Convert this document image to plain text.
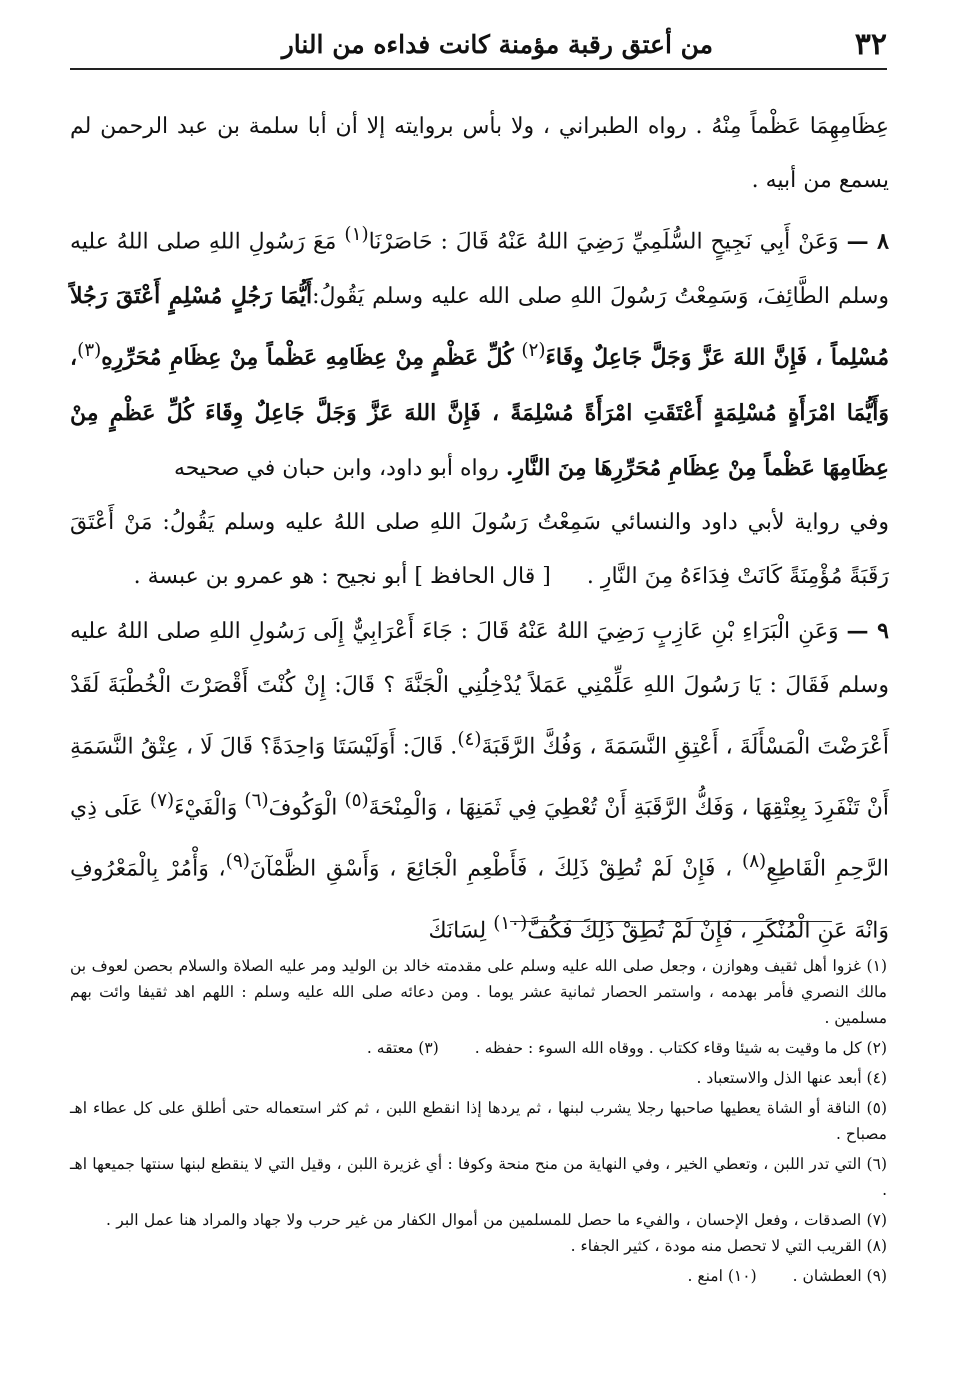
٣٢
من أعتق رقبة مؤمنة كانت فداءه من النار

عِظَامِهِمَا عَظْماً مِنْهُ . رواه الطبراني ، ولا بأس بروايته إلا أن أبا سلمة بن عبد الرحمن لم يسمع من أبيه .

٨ — وَعَنْ أَبِي نَجِيحٍ السُّلَمِيِّ رَضِيَ اللهُ عَنْهُ قَالَ : حَاصَرْنَا$^{(١)}$ مَعَ رَسُولِ اللهِ صلى اللهُ عليه وسلم الطَّائِفَ، وَسَمِعْتُ رَسُولَ اللهِ صلى الله عليه وسلم يَقُولُ:أَيُّمَا رَجُلٍ مُسْلِمٍ أَعْتَقَ رَجُلاً مُسْلِماً ، فَإِنَّ اللهَ عَزَّ وَجَلَّ جَاعِلٌ وِقَاءَ$^{(٢)}$ كُلِّ عَظْمٍ مِنْ عِظَامِهِ عَظْماً مِنْ عِظَامِ مُحَرِّرِهِ$^{(٣)}$، وَأَيُّمَا امْرَأَةٍ مُسْلِمَةٍ أَعْتَقَتِ امْرَأَةً مُسْلِمَةً ، فَإِنَّ اللهَ عَزَّ وَجَلَّ جَاعِلٌ وِقَاءَ كُلِّ عَظْمٍ مِنْ عِظَامِهَا عَظْماً مِنْ عِظَامِ مُحَرِّرِهَا مِنَ النَّارِ. رواه أبو داود، وابن حبان في صحيحه

وفي رواية لأبي داود والنسائي سَمِعْتُ رَسُولَ اللهِ صلى اللهُ عليه وسلم يَقُولُ: مَنْ أَعْتَقَ رَقَبَةً مُؤْمِنَةً كَانَتْ فِدَاءَهُ مِنَ النَّارِ .[ قال الحافظ ] أبو نجيح : هو عمرو بن عبسة .

٩ — وَعَنِ الْبَرَاءِ بْنِ عَازِبٍ رَضِيَ اللهُ عَنْهُ قَالَ : جَاءَ أَعْرَابِيٌّ إِلَى رَسُولِ اللهِ صلى اللهُ عليه وسلم فَقَالَ : يَا رَسُولَ اللهِ عَلِّمْنِي عَمَلاً يُدْخِلُنِي الْجَنَّةَ ؟ قَالَ: إِنْ كُنْتَ أَقْصَرْتَ الْخُطْبَةَ لَقَدْ أَعْرَضْتَ الْمَسْأَلَةَ ، أَعْتِقِ النَّسَمَةَ ، وَفُكَّ الرَّقَبَةَ$^{(٤)}$. قَالَ: أَوَلَيْسَتَا وَاحِدَةً؟ قَالَ لَا ، عِتْقُ النَّسَمَةِ أَنْ تَنْفَرِدَ بِعِتْقِهَا ، وَفَكُّ الرَّقَبَةِ أَنْ تُعْطِيَ فِي ثَمَنِهَا ، وَالْمِنْحَةَ$^{(٥)}$ الْوَكُوفَ$^{(٦)}$ وَالْفَيْءَ$^{(٧)}$ عَلَى ذِي الرَّحِمِ الْقَاطِعِ$^{(٨)}$ ، فَإِنْ لَمْ تُطِقْ ذَلِكَ ، فَأَطْعِمِ الْجَائِعَ ، وَأَسْقِ الظَّمْآنَ$^{(٩)}$، وَأْمُرْ بِالْمَعْرُوفِ وَانْهَ عَنِ الْمُنْكَرِ ، فَإِنْ لَمْ تُطِقْ ذَلِكَ فَكُفَّ$^{(١٠)}$ لِسَانَكَ

(١) غزوا أهل ثقيف وهوازن ، وجعل صلى الله عليه وسلم على مقدمته خالد بن الوليد ومر عليه الصلاة والسلام بحصن لعوف بن مالك النصري فأمر بهدمه ، واستمر الحصار ثمانية عشر يوما . ومن دعائه صلى الله عليه وسلم : اللهم اهد ثقيفا وائت بهم مسلمين .

(٢) كل ما وقيت به شيئا وقاء ككتاب . ووقاه الله السوء : حفظه .(٣) معتقه .

(٤) أبعد عنها الذل والاستعباد .

(٥) الناقة أو الشاة يعطيها صاحبها رجلا يشرب لبنها ، ثم يردها إذا انقطع اللبن ، ثم كثر استعماله حتى أطلق على كل عطاء اهـ مصباح .

(٦) التي تدر اللبن ، وتعطي الخير ، وفي النهاية من منح منحة وكوفا : أي غزيرة اللبن ، وقيل التي لا ينقطع لبنها سنتها جميعها اهـ .

(٧) الصدقات ، وفعل الإحسان ، والفيء ما حصل للمسلمين من أموال الكفار من غير حرب ولا جهاد والمراد هنا عمل البر .(٨) القريب التي لا تحصل منه مودة ، كثير الجفاء .

(٩) العطشان .(١٠) امنع .
